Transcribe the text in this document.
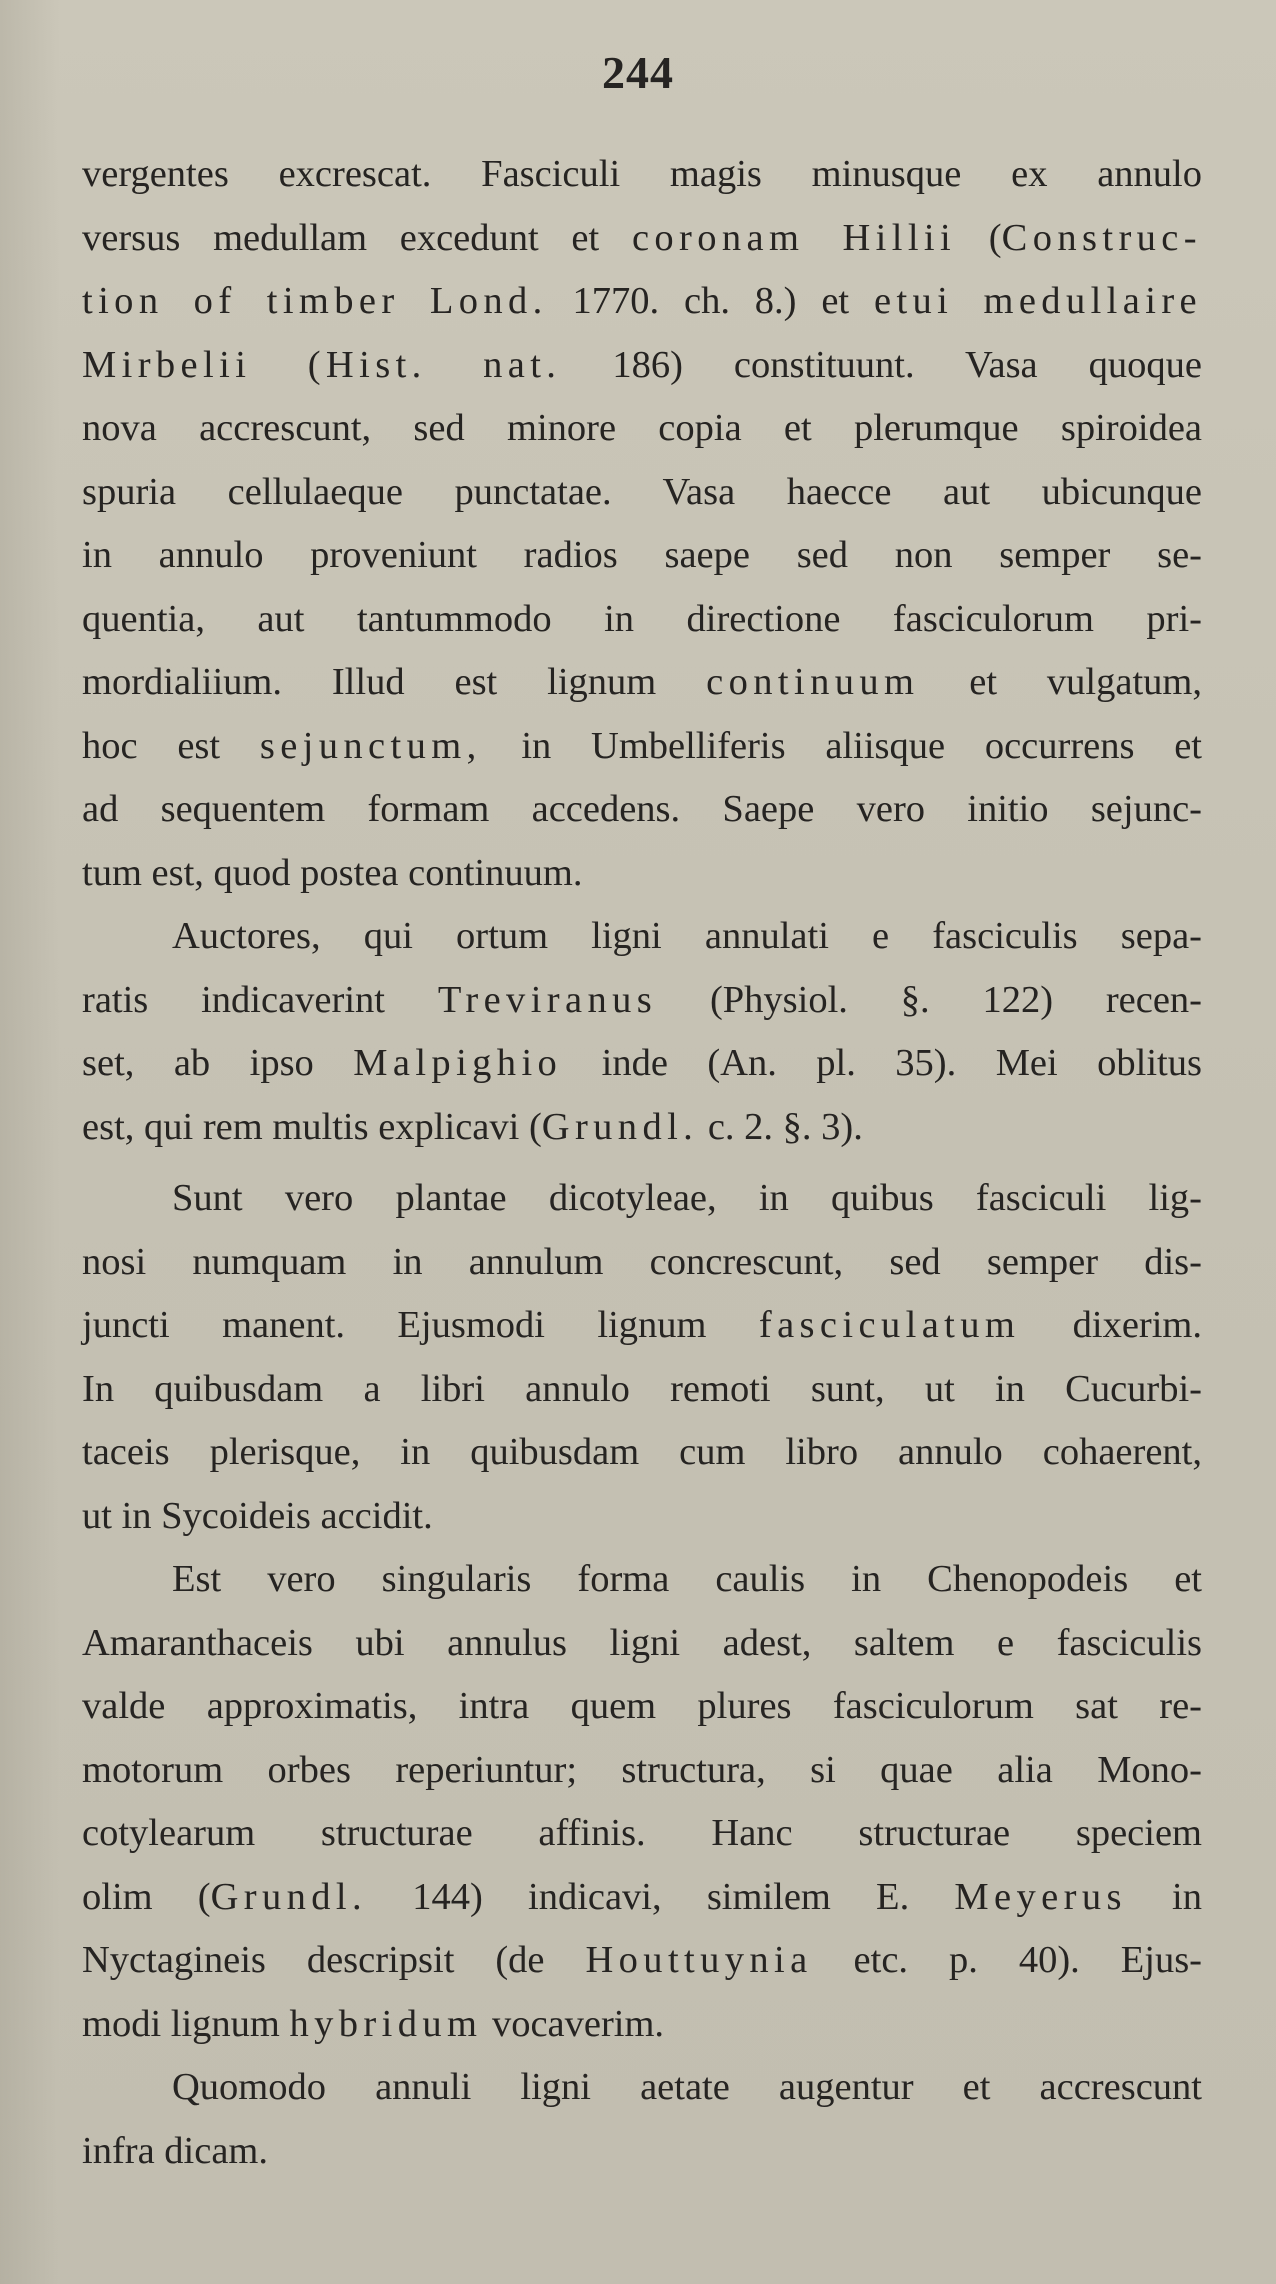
244
vergentes excrescat. Fasciculi magis minusque ex annulo
versus medullam excedunt et coronam Hillii (Construc-
tion of timber Lond. 1770. ch. 8.) et etui medullaire
Mirbelii (Hist. nat. 186) constituunt. Vasa quoque
nova accrescunt, sed minore copia et plerumque spiroidea
spuria cellulaeque punctatae. Vasa haecce aut ubicunque
in annulo proveniunt radios saepe sed non semper se-
quentia, aut tantummodo in directione fasciculorum pri-
mordialiium. Illud est lignum continuum et vulgatum,
hoc est sejunctum, in Umbelliferis aliisque occurrens et
ad sequentem formam accedens. Saepe vero initio sejunc-
tum est, quod postea continuum.
Auctores, qui ortum ligni annulati e fasciculis sepa-
ratis indicaverint Treviranus (Physiol. §. 122) recen-
set, ab ipso Malpighio inde (An. pl. 35). Mei oblitus
est, qui rem multis explicavi (Grundl. c. 2. §. 3).
Sunt vero plantae dicotyleae, in quibus fasciculi lig-
nosi numquam in annulum concrescunt, sed semper dis-
juncti manent. Ejusmodi lignum fasciculatum dixerim.
In quibusdam a libri annulo remoti sunt, ut in Cucurbi-
taceis plerisque, in quibusdam cum libro annulo cohaerent,
ut in Sycoideis accidit.
Est vero singularis forma caulis in Chenopodeis et
Amaranthaceis ubi annulus ligni adest, saltem e fasciculis
valde approximatis, intra quem plures fasciculorum sat re-
motorum orbes reperiuntur; structura, si quae alia Mono-
cotylearum structurae affinis. Hanc structurae speciem
olim (Grundl. 144) indicavi, similem E. Meyerus in
Nyctagineis descripsit (de Houttuynia etc. p. 40). Ejus-
modi lignum hybridum vocaverim.
Quomodo annuli ligni aetate augentur et accrescunt
infra dicam.
